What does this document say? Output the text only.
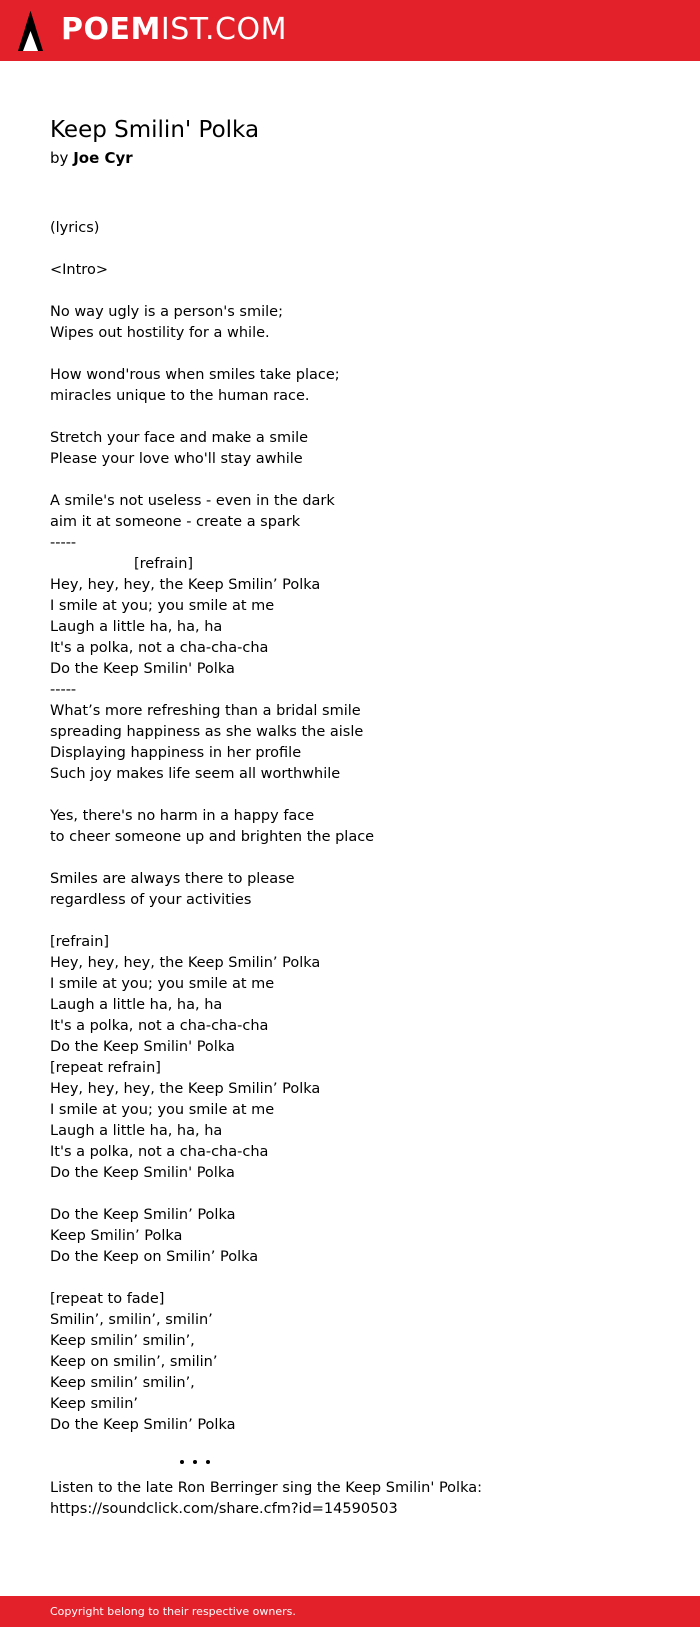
POEMIST.COM
Keep Smilin' Polka
by Joe Cyr
(lyrics)
<Intro>
No way ugly is a person's smile;
Wipes out hostility for a while.
How wond'rous when smiles take place;
miracles unique to the human race.
Stretch your face and make a smile
Please your love who'll stay awhile
A smile's not useless - even in the dark
aim it at someone - create a spark
-----
[refrain]
Hey, hey, hey, the Keep Smilin’ Polka
I smile at you; you smile at me
Laugh a little ha, ha, ha
It's a polka, not a cha-cha-cha
Do the Keep Smilin' Polka
-----
What’s more refreshing than a bridal smile
spreading happiness as she walks the aisle
Displaying happiness in her profile
Such joy makes life seem all worthwhile
Yes, there's no harm in a happy face
to cheer someone up and brighten the place
Smiles are always there to please
regardless of your activities
[refrain]
Hey, hey, hey, the Keep Smilin’ Polka
I smile at you; you smile at me
Laugh a little ha, ha, ha
It's a polka, not a cha-cha-cha
Do the Keep Smilin' Polka
[repeat refrain]
Hey, hey, hey, the Keep Smilin’ Polka
I smile at you; you smile at me
Laugh a little ha, ha, ha
It's a polka, not a cha-cha-cha
Do the Keep Smilin' Polka
Do the Keep Smilin’ Polka
Keep Smilin’ Polka
Do the Keep on Smilin’ Polka
[repeat to fade]
Smilin’, smilin’, smilin’
Keep smilin’ smilin’,
Keep on smilin’, smilin’
Keep smilin’ smilin’,
Keep smilin’
Do the Keep Smilin’ Polka
Listen to the late Ron Berringer sing the Keep Smilin' Polka:
https://soundclick.com/share.cfm?id=14590503
Copyright belong to their respective owners.
